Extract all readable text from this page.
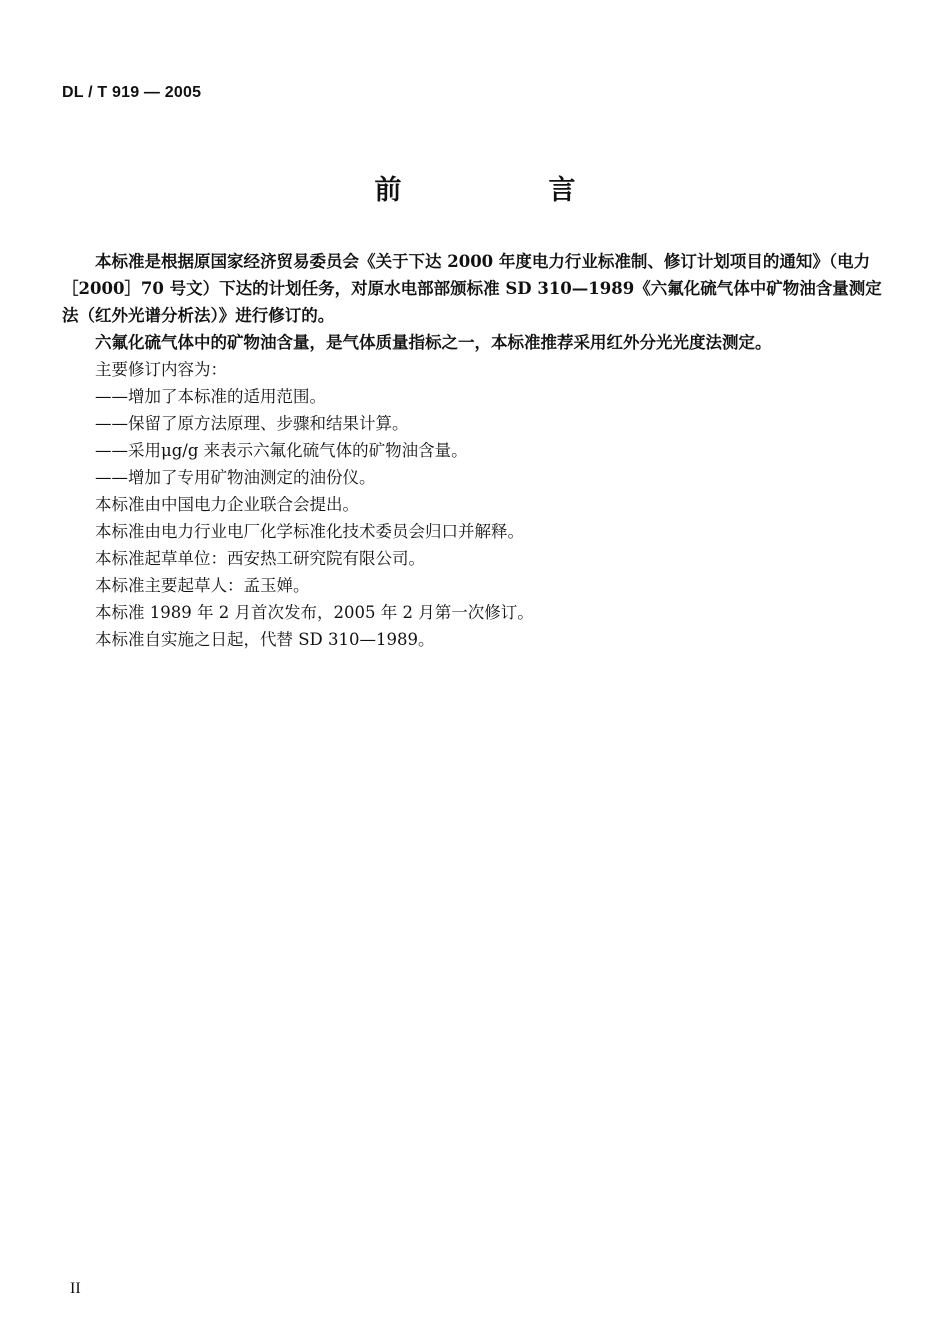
DL / T 919 — 2005
前　言

本标准是根据原国家经济贸易委员会《关于下达 2000 年度电力行业标准制、修订计划项目的通知》（电力［2000］70 号文）下达的计划任务，对原水电部部颁标准 SD 310—1989《六氟化硫气体中矿物油含量测定法（红外光谱分析法）》进行修订的。

六氟化硫气体中的矿物油含量，是气体质量指标之一，本标准推荐采用红外分光光度法测定。

主要修订内容为：

——增加了本标准的适用范围。

——保留了原方法原理、步骤和结果计算。

——采用μg/g 来表示六氟化硫气体的矿物油含量。

——增加了专用矿物油测定的油份仪。

本标准由中国电力企业联合会提出。

本标准由电力行业电厂化学标准化技术委员会归口并解释。

本标准起草单位：西安热工研究院有限公司。

本标准主要起草人：孟玉婵。

本标准 1989 年 2 月首次发布，2005 年 2 月第一次修订。

本标准自实施之日起，代替 SD 310—1989。

II
